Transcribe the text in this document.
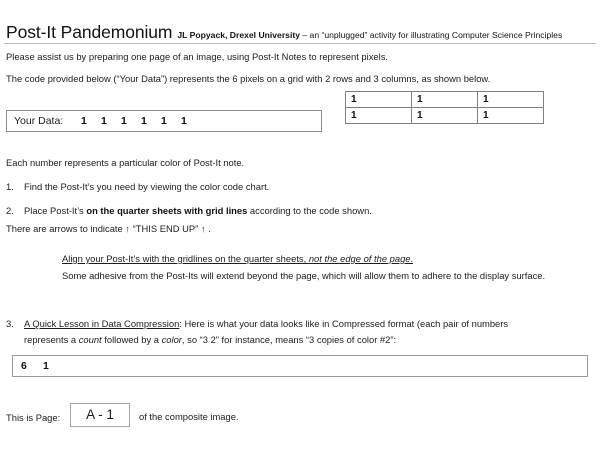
Post-It Pandemonium JL Popyack, Drexel University – an “unplugged” activity for illustrating Computer Science Principles
Please assist us by preparing one page of an image, using Post-It Notes to represent pixels.
The code provided below (“Your Data”) represents the 6 pixels on a grid with 2 rows and 3 columns, as shown below.
Your Data: 1 1 1 1 1 1
1	1	1
1	1	1
Each number represents a particular color of Post-It note.
1. Find the Post-It’s you need by viewing the color code chart.
2. Place Post-It’s on the quarter sheets with grid lines according to the code shown.
There are arrows to indicate ↑ “THIS END UP” ↑ .
Align your Post-It’s with the gridlines on the quarter sheets, not the edge of the page.
Some adhesive from the Post-Its will extend beyond the page, which will allow them to adhere to the display surface.
3. A Quick Lesson in Data Compression: Here is what your data looks like in Compressed format (each pair of numbers
represents a count followed by a color, so “3 2” for instance, means “3 copies of color #2”:
6 1
This is Page:	A - 1	of the composite image.
